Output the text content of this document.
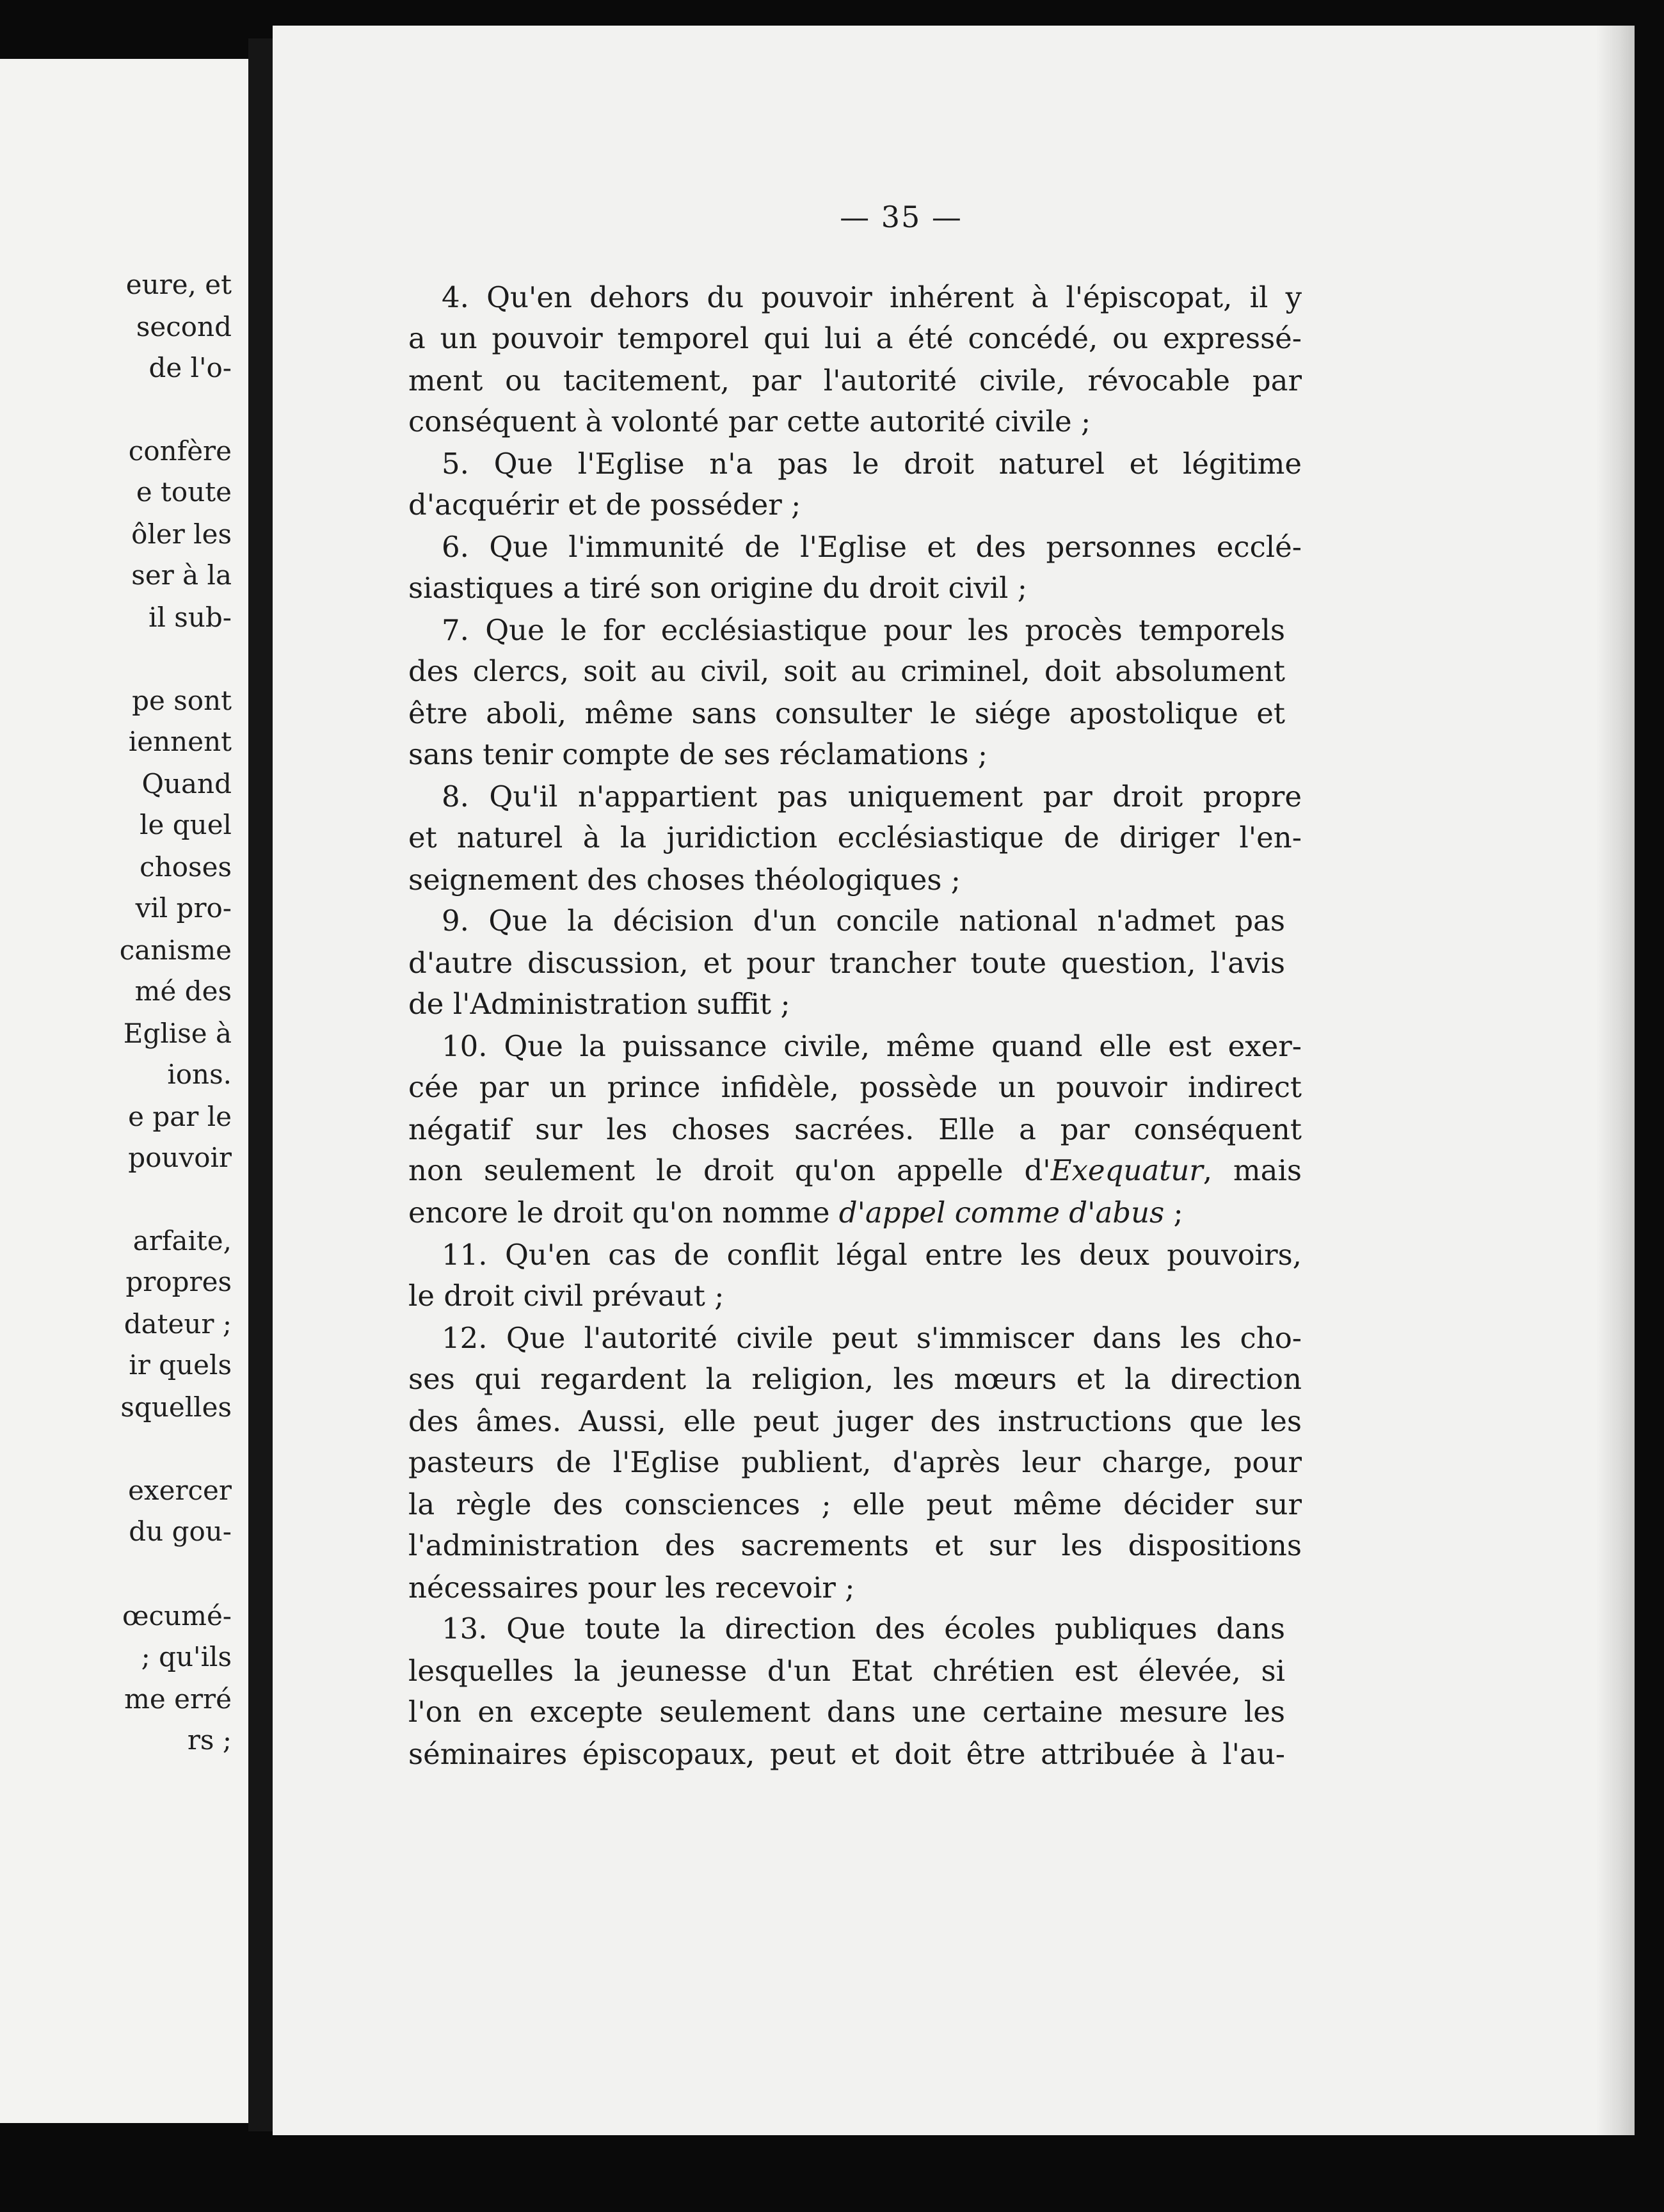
eure, et
second
de l'o-
confère
e toute
ôler les
ser à la
il sub-
pe sont
iennent
Quand
le quel
choses
vil pro-
canisme
mé des
Eglise à
ions.
e par le
pouvoir
arfaite,
propres
dateur ;
ir quels
squelles
exercer
du gou-
œcumé-
; qu'ils
me erré
rs ;
— 35 —
4. Qu'en dehors du pouvoir inhérent à l'épiscopat, il y
a un pouvoir temporel qui lui a été concédé, ou expressé-
ment ou tacitement, par l'autorité civile, révocable par
conséquent à volonté par cette autorité civile ;
5. Que l'Eglise n'a pas le droit naturel et légitime
d'acquérir et de posséder ;
6. Que l'immunité de l'Eglise et des personnes ecclé-
siastiques a tiré son origine du droit civil ;
7. Que le for ecclésiastique pour les procès temporels
des clercs, soit au civil, soit au criminel, doit absolument
être aboli, même sans consulter le siége apostolique et
sans tenir compte de ses réclamations ;
8. Qu'il n'appartient pas uniquement par droit propre
et naturel à la juridiction ecclésiastique de diriger l'en-
seignement des choses théologiques ;
9. Que la décision d'un concile national n'admet pas
d'autre discussion, et pour trancher toute question, l'avis
de l'Administration suffit ;
10. Que la puissance civile, même quand elle est exer-
cée par un prince infidèle, possède un pouvoir indirect
négatif sur les choses sacrées. Elle a par conséquent
non seulement le droit qu'on appelle d'Exequatur, mais
encore le droit qu'on nomme d'appel comme d'abus ;
11. Qu'en cas de conflit légal entre les deux pouvoirs,
le droit civil prévaut ;
12. Que l'autorité civile peut s'immiscer dans les cho-
ses qui regardent la religion, les mœurs et la direction
des âmes. Aussi, elle peut juger des instructions que les
pasteurs de l'Eglise publient, d'après leur charge, pour
la règle des consciences ; elle peut même décider sur
l'administration des sacrements et sur les dispositions
nécessaires pour les recevoir ;
13. Que toute la direction des écoles publiques dans
lesquelles la jeunesse d'un Etat chrétien est élevée, si
l'on en excepte seulement dans une certaine mesure les
séminaires épiscopaux, peut et doit être attribuée à l'au-
